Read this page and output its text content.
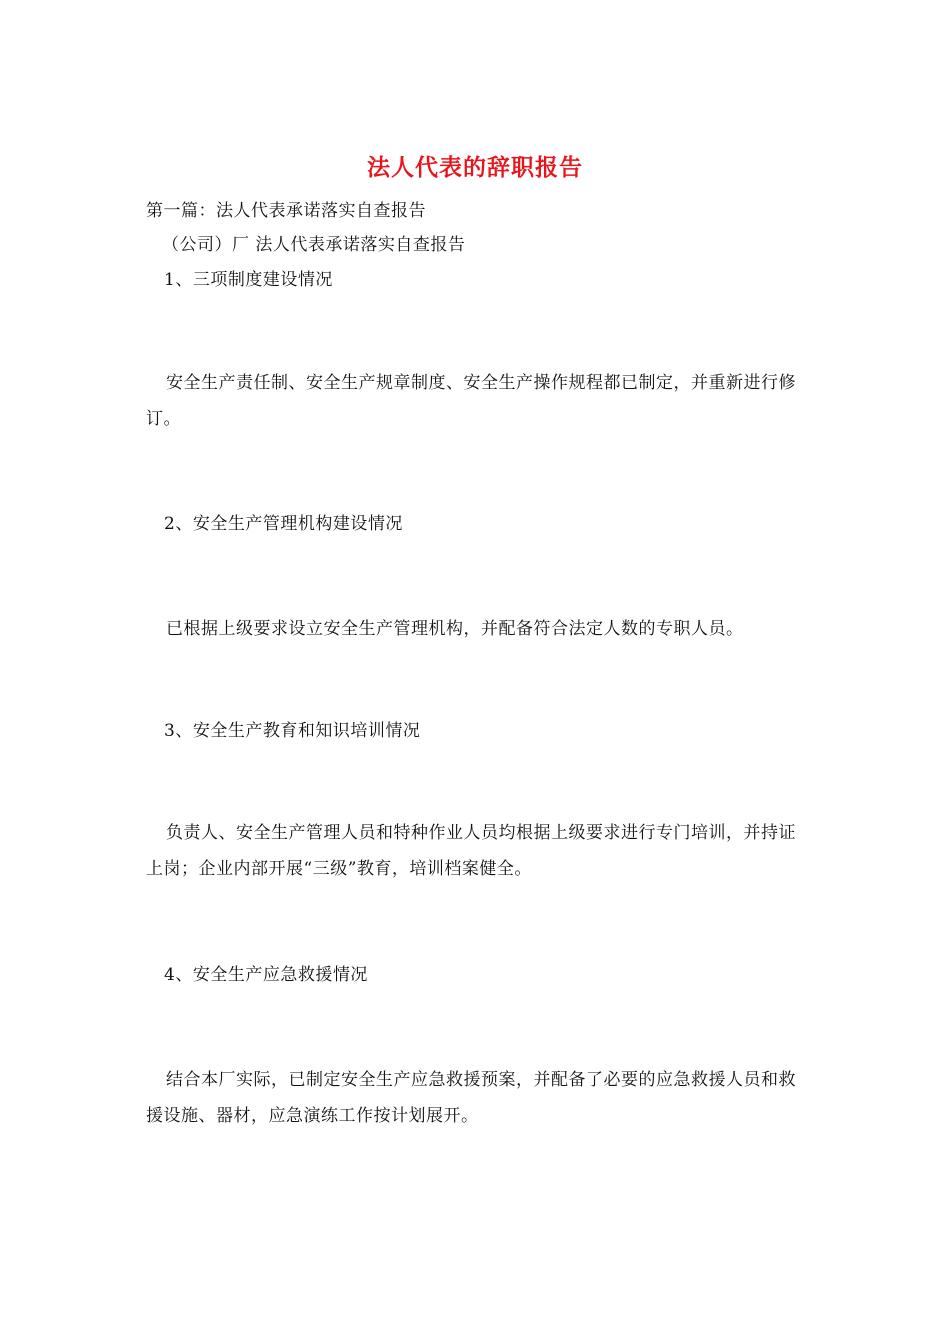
法人代表的辞职报告
第一篇：法人代表承诺落实自查报告
（公司）厂 法人代表承诺落实自查报告
1、三项制度建设情况
安全生产责任制、安全生产规章制度、安全生产操作规程都已制定，并重新进行修订。
2、安全生产管理机构建设情况
已根据上级要求设立安全生产管理机构，并配备符合法定人数的专职人员。
3、安全生产教育和知识培训情况
负责人、安全生产管理人员和特种作业人员均根据上级要求进行专门培训，并持证上岗；企业内部开展“三级”教育，培训档案健全。
4、安全生产应急救援情况
结合本厂实际，已制定安全生产应急救援预案，并配备了必要的应急救援人员和救援设施、器材，应急演练工作按计划展开。
